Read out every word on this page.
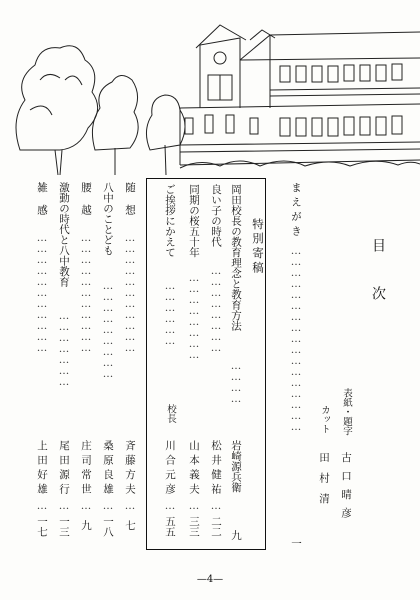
目次
表紙・題字
古口晴彦
カット
田村清
まえがき
……………………………………………
一
特別寄稿
岡田校長の教育理念と教育方法
…………
岩崎源兵衛
九
良い子の時代
……………………
松井健祐
…
二二
同期の桜五十年
……………………
山本義夫
…
三三
ご挨拶にかえて
………………
校長
川合元彦
…
五五
随想
……………………………
斉藤方夫
…
七
八中のことども
………………………
桑原良雄
…
一八
腰越
……………………………
庄司常世
…
九
激動の時代と八中教育
…………………
尾田源行
…
一三
雑感
……………………………
上田好雄
…
一七
—4—
